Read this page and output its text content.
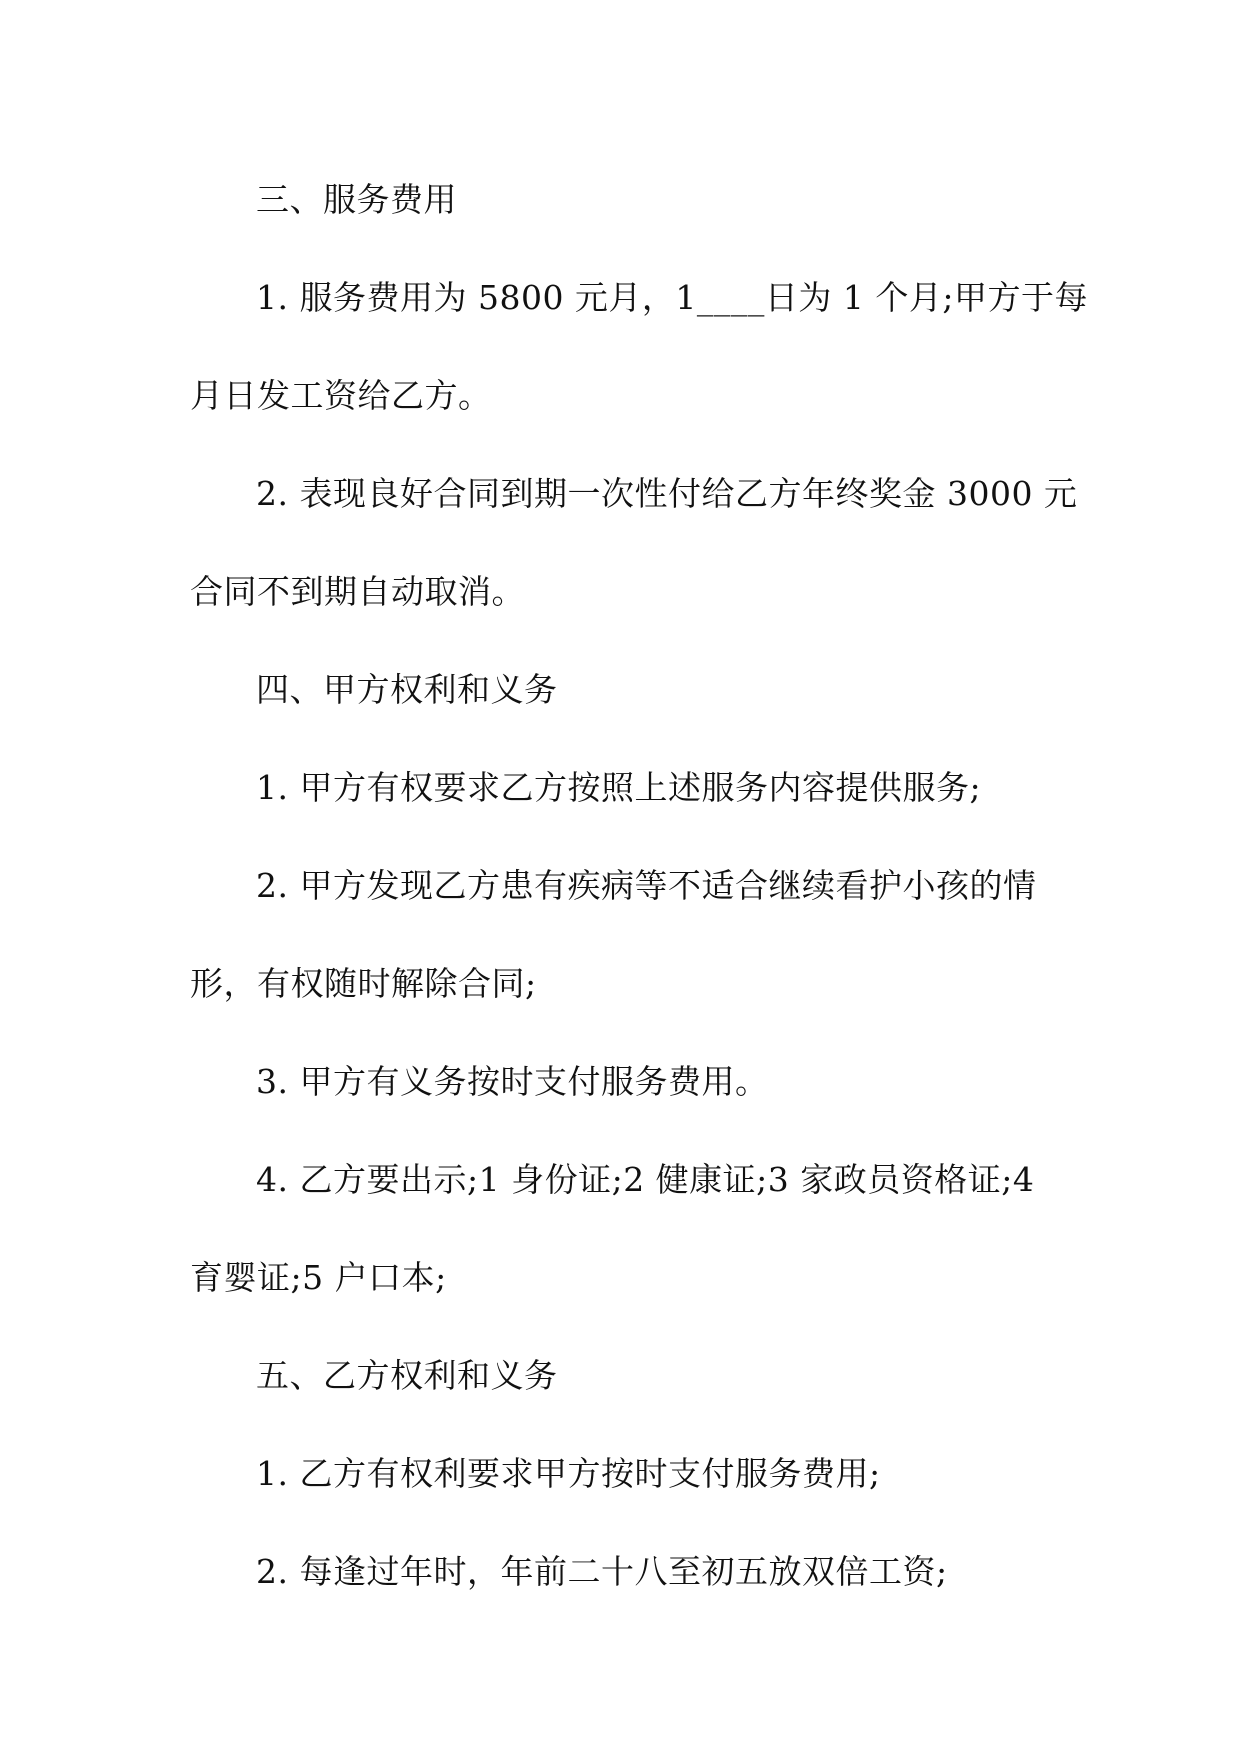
三、服务费用

1. 服务费用为 5800 元月，1____日为 1 个月;甲方于每

月日发工资给乙方。

2. 表现良好合同到期一次性付给乙方年终奖金 3000 元

合同不到期自动取消。

四、甲方权利和义务

1. 甲方有权要求乙方按照上述服务内容提供服务;

2. 甲方发现乙方患有疾病等不适合继续看护小孩的情

形，有权随时解除合同;

3. 甲方有义务按时支付服务费用。

4. 乙方要出示;1 身份证;2 健康证;3 家政员资格证;4

育婴证;5 户口本;

五、乙方权利和义务

1. 乙方有权利要求甲方按时支付服务费用;

2. 每逢过年时，年前二十八至初五放双倍工资;
